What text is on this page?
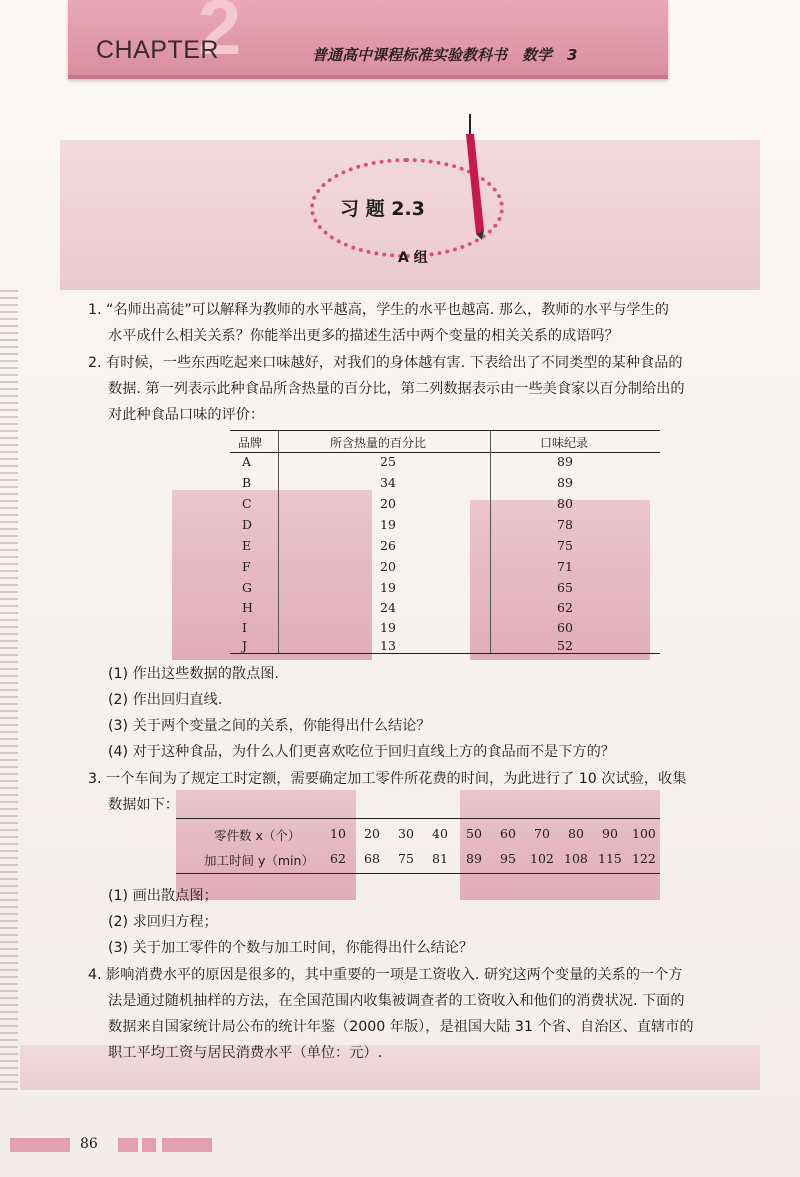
2
CHAPTER	普通高中课程标准实验教科书　数学　3
习 题 2.3
A 组
1. “名师出高徒”可以解释为教师的水平越高，学生的水平也越高. 那么，教师的水平与学生的
水平成什么相关关系？你能举出更多的描述生活中两个变量的相关关系的成语吗？
2. 有时候，一些东西吃起来口味越好，对我们的身体越有害. 下表给出了不同类型的某种食品的
数据. 第一列表示此种食品所含热量的百分比，第二列数据表示由一些美食家以百分制给出的
对此种食品口味的评价：
品牌	所含热量的百分比	口味纪录
A	25	89
B	34	89
C	20	80
D	19	78
E	26	75
F	20	71
G	19	65
H	24	62
I	19	60
J	13	52
(1) 作出这些数据的散点图.
(2) 作出回归直线.
(3) 关于两个变量之间的关系，你能得出什么结论？
(4) 对于这种食品，为什么人们更喜欢吃位于回归直线上方的食品而不是下方的？
3. 一个车间为了规定工时定额，需要确定加工零件所花费的时间，为此进行了 10 次试验，收集
数据如下：
零件数 x（个） 10 20 30 40 50 60 70 80 90 100
加工时间 y（min） 62 68 75 81 89 95 102 108 115 122
(1) 画出散点图；
(2) 求回归方程；
(3) 关于加工零件的个数与加工时间，你能得出什么结论？
4. 影响消费水平的原因是很多的，其中重要的一项是工资收入. 研究这两个变量的关系的一个方
法是通过随机抽样的方法，在全国范围内收集被调查者的工资收入和他们的消费状况. 下面的
数据来自国家统计局公布的统计年鉴（2000 年版），是祖国大陆 31 个省、自治区、直辖市的
职工平均工资与居民消费水平（单位：元）.
86
